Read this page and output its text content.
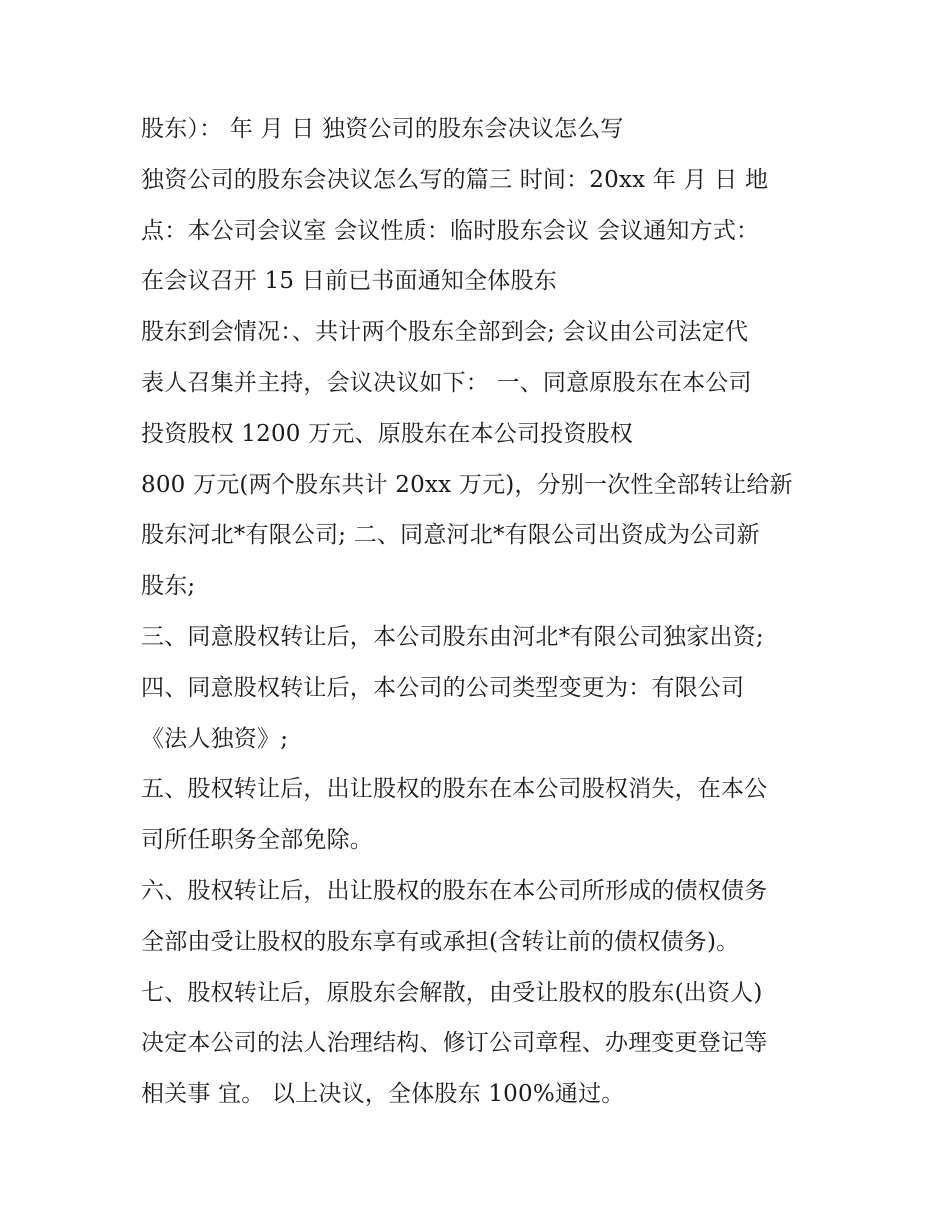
股东）： 年 月 日 独资公司的股东会决议怎么写
独资公司的股东会决议怎么写的篇三 时间：20xx 年 月 日 地
点：本公司会议室 会议性质：临时股东会议 会议通知方式：
在会议召开 15 日前已书面通知全体股东
股东到会情况：、共计两个股东全部到会; 会议由公司法定代
表人召集并主持，会议决议如下： 一、同意原股东在本公司
投资股权 1200 万元、原股东在本公司投资股权
800 万元(两个股东共计 20xx 万元)，分别一次性全部转让给新
股东河北*有限公司; 二、同意河北*有限公司出资成为公司新
股东;
三、同意股权转让后，本公司股东由河北*有限公司独家出资;
四、同意股权转让后，本公司的公司类型变更为：有限公司
《法人独资》;
五、股权转让后，出让股权的股东在本公司股权消失，在本公
司所任职务全部免除。
六、股权转让后，出让股权的股东在本公司所形成的债权债务
全部由受让股权的股东享有或承担(含转让前的债权债务)。
七、股权转让后，原股东会解散，由受让股权的股东(出资人)
决定本公司的法人治理结构、修订公司章程、办理变更登记等
相关事 宜。 以上决议，全体股东 100%通过。
